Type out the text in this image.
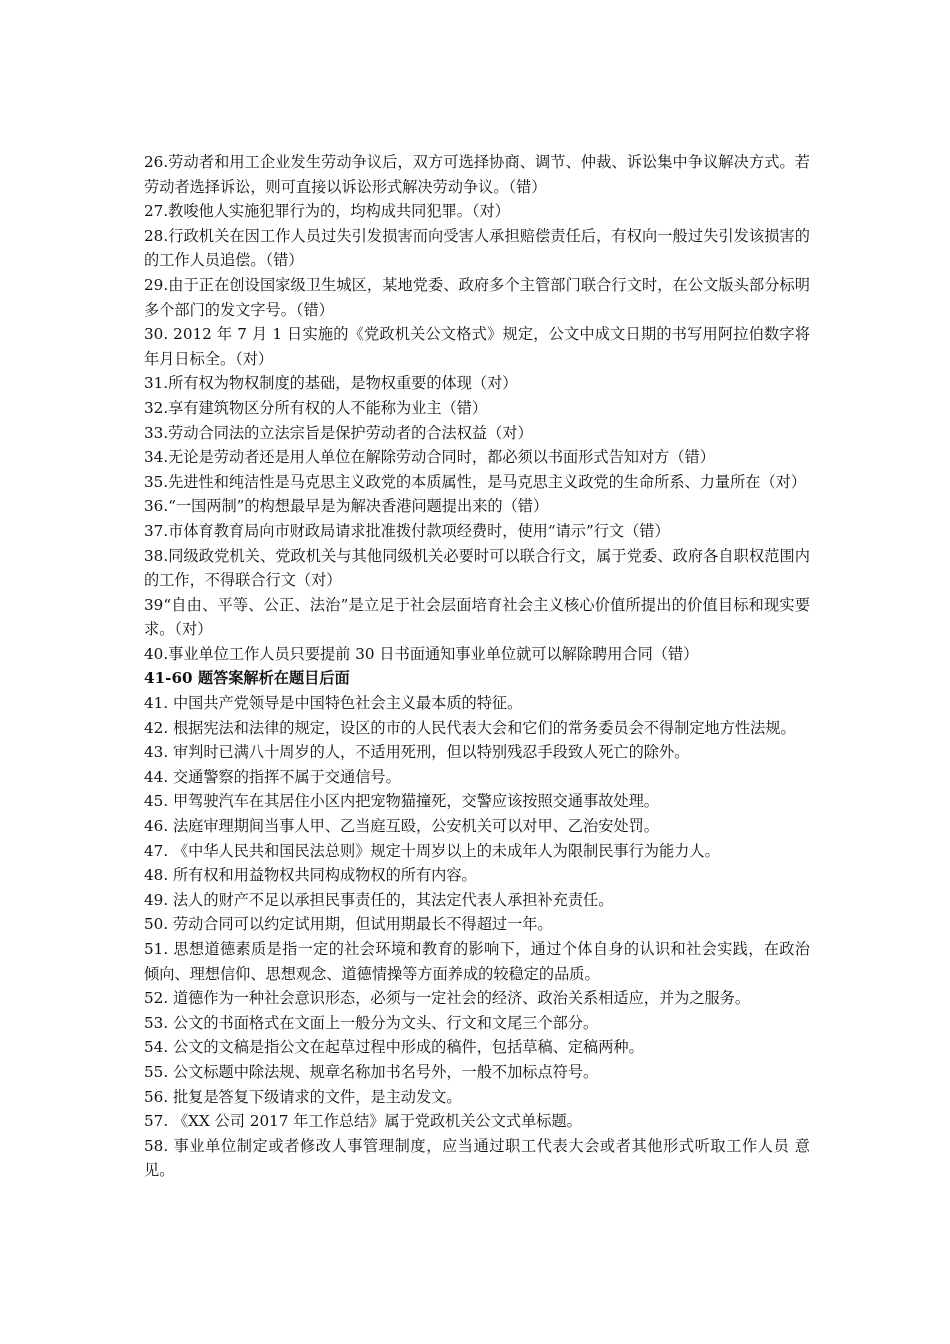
26.劳动者和用工企业发生劳动争议后，双方可选择协商、调节、仲裁、诉讼集中争议解决方式。若劳动者选择诉讼，则可直接以诉讼形式解决劳动争议。（错）

27.教唆他人实施犯罪行为的，均构成共同犯罪。（对）

28.行政机关在因工作人员过失引发损害而向受害人承担赔偿责任后，有权向一般过失引发该损害的的工作人员追偿。（错）

29.由于正在创设国家级卫生城区，某地党委、政府多个主管部门联合行文时，在公文版头部分标明多个部门的发文字号。（错）

30. 2012 年 7 月 1 日实施的《党政机关公文格式》规定，公文中成文日期的书写用阿拉伯数字将年月日标全。（对）

31.所有权为物权制度的基础，是物权重要的体现（对）

32.享有建筑物区分所有权的人不能称为业主（错）

33.劳动合同法的立法宗旨是保护劳动者的合法权益（对）

34.无论是劳动者还是用人单位在解除劳动合同时，都必须以书面形式告知对方（错）

35.先进性和纯洁性是马克思主义政党的本质属性，是马克思主义政党的生命所系、力量所在（对）

36.“一国两制”的构想最早是为解决香港问题提出来的（错）

37.市体育教育局向市财政局请求批准拨付款项经费时，使用“请示”行文（错）

38.同级政党机关、党政机关与其他同级机关必要时可以联合行文，属于党委、政府各自职权范围内的工作，不得联合行文（对）

39“自由、平等、公正、法治”是立足于社会层面培育社会主义核心价值所提出的价值目标和现实要求。（对）

40.事业单位工作人员只要提前 30 日书面通知事业单位就可以解除聘用合同（错）

41-60 题答案解析在题目后面

41. 中国共产党领导是中国特色社会主义最本质的特征。

42. 根据宪法和法律的规定，设区的市的人民代表大会和它们的常务委员会不得制定地方性法规。

43. 审判时已满八十周岁的人，不适用死刑，但以特别残忍手段致人死亡的除外。

44. 交通警察的指挥不属于交通信号。

45. 甲驾驶汽车在其居住小区内把宠物猫撞死，交警应该按照交通事故处理。

46. 法庭审理期间当事人甲、乙当庭互殴，公安机关可以对甲、乙治安处罚。

47. 《中华人民共和国民法总则》规定十周岁以上的未成年人为限制民事行为能力人。

48. 所有权和用益物权共同构成物权的所有内容。

49. 法人的财产不足以承担民事责任的，其法定代表人承担补充责任。

50. 劳动合同可以约定试用期，但试用期最长不得超过一年。

51. 思想道德素质是指一定的社会环境和教育的影响下，通过个体自身的认识和社会实践，在政治倾向、理想信仰、思想观念、道德情操等方面养成的较稳定的品质。

52. 道德作为一种社会意识形态，必须与一定社会的经济、政治关系相适应，并为之服务。

53. 公文的书面格式在文面上一般分为文头、行文和文尾三个部分。

54. 公文的文稿是指公文在起草过程中形成的稿件，包括草稿、定稿两种。

55. 公文标题中除法规、规章名称加书名号外，一般不加标点符号。

56. 批复是答复下级请求的文件，是主动发文。

57. 《XX 公司 2017 年工作总结》属于党政机关公文式单标题。

58. 事业单位制定或者修改人事管理制度，应当通过职工代表大会或者其他形式听取工作人员 意见。
